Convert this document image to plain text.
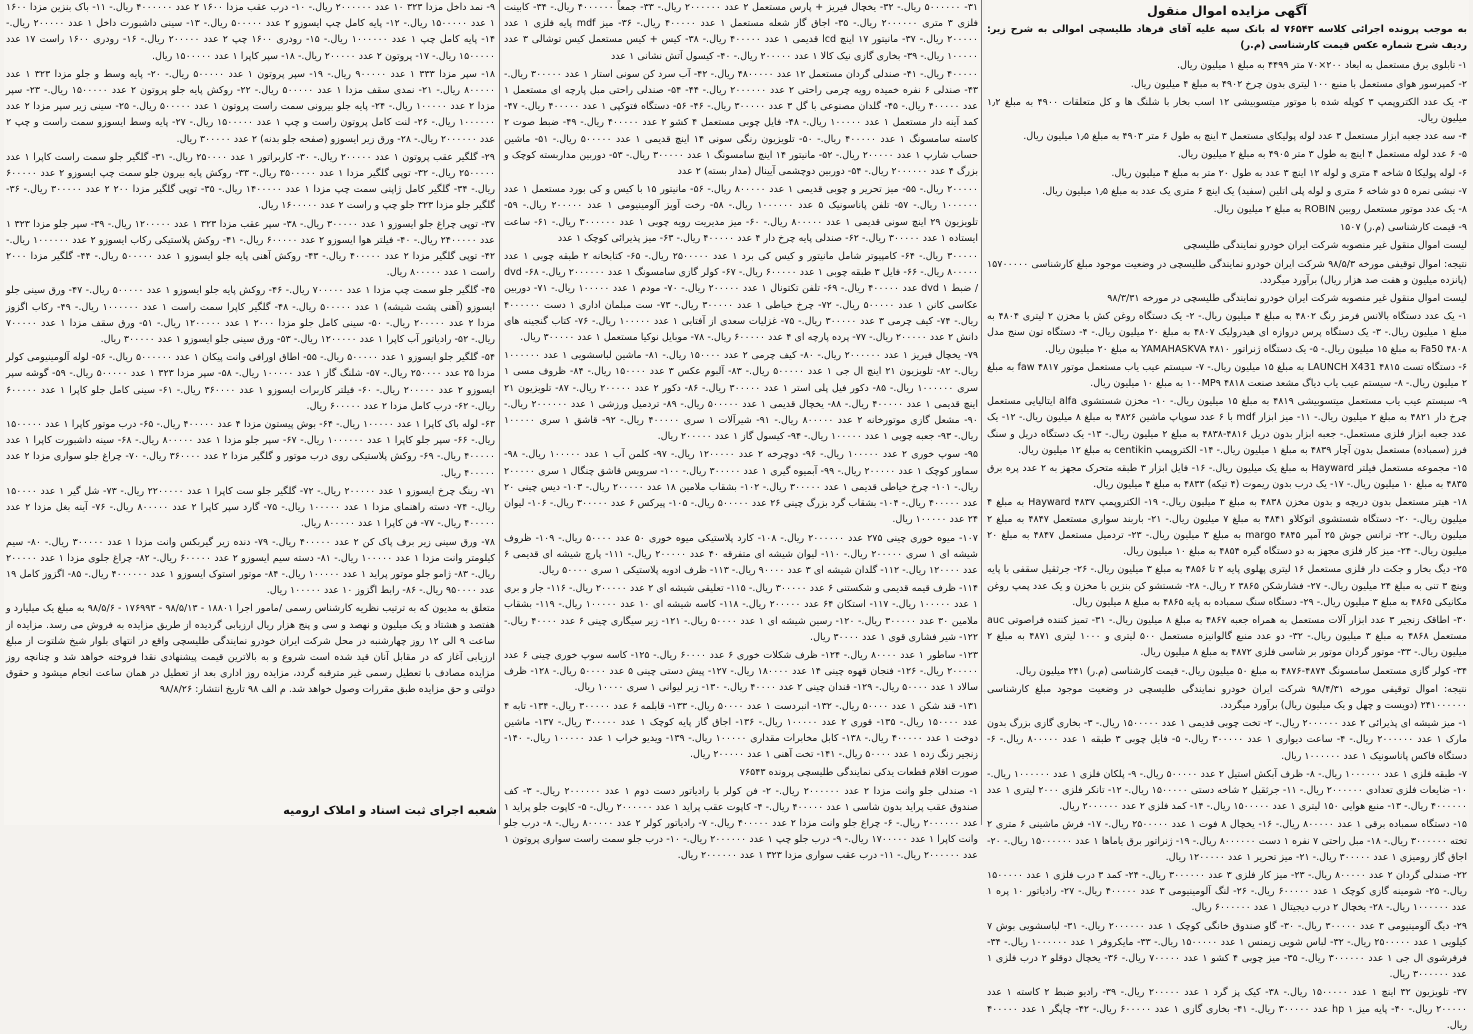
آگهی مزایده اموال منقول
به موجب پرونده اجرائی کلاسه ۷۶۵۴۳ له بانک سپه علیه آقای فرهاد طلیسچی اموالی به شرح زیر: ردیف شرح شماره عکس قیمت کارشناسی (م.ر)
۱- تابلوی برق مستعمل به ابعاد ۲۰۰×۷۰ متر ۴۴۹۹ به مبلغ ۱ میلیون ریال.
۲- کمپرسور هوای مستعمل با منبع ۱۰۰ لیتری بدون چرخ ۴۹۰۲ به مبلغ ۴ میلیون ریال.
۳- یک عدد الکتروپمپ ۳ کوپله شده با موتور میتسوبیشی ۱۲ اسب بخار با شلنگ ها و کل متعلقات ۴۹۰۰ به مبلغ ۱٫۲ میلیون ریال.
۴- سه عدد جعبه ابزار مستعمل ۳ عدد لوله پولیکای مستعمل ۳ اینچ به طول ۶ متر ۴۹۰۳ به مبلغ ۱٫۵ میلیون ریال.
۵- ۶ عدد لوله مستعمل ۴ اینچ به طول ۳ متر ۴۹۰۵ به مبلغ ۲ میلیون ریال.
۶- لوله پولیکا ۵ شاخه ۴ متری و لوله ۱۲ اینچ ۳ عدد به طول ۲۰ متر به مبلغ ۴ میلیون ریال.
۷- نبشی نمره ۵ دو شاخه ۶ متری و لوله پلی اتلین (سفید) یک اینچ ۶ متری یک عدد به مبلغ ۱٫۵ میلیون ریال.
۸- یک عدد موتور مستعمل روبین ROBIN به مبلغ ۲ میلیون ریال.
۹- قیمت کارشناسی (م.ر) ۱۵۰۷
لیست اموال منقول غیر منصوبه شرکت ایران خودرو نمایندگی طلیسچی
نتیجه: اموال توقیفی مورخه ۹۸/۵/۳ شرکت ایران خودرو نمایندگی طلیسچی در وضعیت موجود مبلغ کارشناسی ۱۵۷۰۰۰۰۰ (پانزده میلیون و هفت صد هزار ریال) برآورد میگردد.
لیست اموال منقول غیر منصوبه شرکت ایران خودرو نمایندگی طلیسچی در مورخه ۹۸/۳/۳۱
۱- یک عدد دستگاه بالانس فرمز رنگ ۴۸۰۲ به مبلغ ۴ میلیون ریال.- ۲- یک دستگاه روغن کش با مخزن ۲ لیتری ۴۸۰۴ به مبلغ ۱ میلیون ریال.- ۳- یک دستگاه پرس دروازه ای هیدرولیک ۴۸۰۷ به مبلغ ۲۰ میلیون ریال.- ۴- دستگاه تون سنج مدل ۴۸۰۸ Fa50 به مبلغ ۱۵ میلیون ریال.- ۵- یک دستگاه ژنراتور YAMAHASKVA ۴۸۱۰ به مبلغ ۲۰ میلیون ریال.
۶- دستگاه تست LAUNCH X431 ۴۸۱۵ به مبلغ ۱۵ میلیون ریال.- ۷- سیستم عیب یاب مستعمل موتور faw ۴۸۱۷ به مبلغ ۲ میلیون ریال.- ۸- سیستم عیب یاب دیاگ مشعد صنعت ۴۸۱۸ ۱۰۰MP۹ به مبلغ ۱۰ میلیون ریال.
۹- سیستم عیب یاب مستعمل میتسوبیشی ۴۸۱۹ به مبلغ ۱۵ میلیون ریال.- ۱۰- مخزن شستشوی alfa ایتالیایی مستعمل چرخ دار ۴۸۲۱ به مبلغ ۲ میلیون ریال.- ۱۱- میز ابزار mdf با ۶ عدد سوپاپ ماشین ۴۸۲۶ به مبلغ ۸ میلیون ریال.- ۱۲- یک عدد جعبه ابزار فلزی مستعمل.- جعبه ابزار بدون دریل ۴۸۱۶-۴۸۳۸ به مبلغ ۲ میلیون ریال.- ۱۳- یک دستگاه دریل و سنگ فرز (سمباده) مستعمل بدون آچار ۴۸۳۹ به مبلغ ۱ میلیون ریال.- ۱۴- الکتروپمپ centikin به مبلغ ۱۲ میلیون ریال.
۱۵- مجموعه مستعمل فیلتر Hayward به مبلغ یک میلیون ریال.- ۱۶- فایل ابزار ۳ طبقه متحرک مجهز به ۲ عدد پره برق ۴۸۳۵ به مبلغ ۱۰ میلیون ریال.- ۱۷- یک درب بدون ریموت (۴ تیکه) ۴۸۳۳ به مبلغ ۴ میلیون ریال.
۱۸- هیتر مستعمل بدون دریچه و بدون مخزن ۴۸۳۸ به مبلغ ۳ میلیون ریال.- ۱۹- الکتروپمپ Hayward ۴۸۳۷ به مبلغ ۴ میلیون ریال.- ۲۰- دستگاه شستشوی اتوکلاو ۴۸۴۱ به مبلغ ۷ میلیون ریال.- ۲۱- باربند سواری مستعمل ۴۸۴۷ به مبلغ ۲ میلیون ریال.- ۲۲- ترانس جوش ۲۵ آمپر margo ۴۸۴۵ به مبلغ ۳ میلیون ریال.- ۲۳- تردمیل مستعمل ۴۸۴۷ به مبلغ ۲۰ میلیون ریال.- ۲۴- میز کار فلزی مجهز به دو دستگاه گیره ۴۸۵۴ به مبلغ ۱۰ میلیون ریال.
۲۵- دیگ بخار و جکت دار فلزی مستعمل ۱۶ لیتری پهلوی پایه ۲ تا ۴۸۵۶ به مبلغ ۳ میلیون ریال.- ۲۶- جرثقیل سقفی با پایه وینچ ۳ تنی به مبلغ ۲۴ میلیون ریال.- ۲۷- فشارشکن ۳۸۶۵ ۲ ریال.- ۲۸- شستشو کن بنزین با مخزن و یک عدد پمپ روغن مکانیکی ۴۸۶۵ به مبلغ ۳ میلیون ریال.- ۲۹- دستگاه سنگ سمباده به پایه ۴۸۶۵ به مبلغ ۸ میلیون ریال.
۳۰- اطاقک زنجیر ۳ عدد ابزار آلات مستعمل به همراه جعبه ۴۸۶۷ به مبلغ ۸ میلیون ریال.- ۳۱- تمیز کننده فراصوتی auc مستعمل ۴۸۶۸ به مبلغ ۳ میلیون ریال.- ۳۲- دو عدد منبع گالوانیزه مستعمل ۵۰۰ لیتری و ۱۰۰۰ لیتری ۴۸۷۱ به مبلغ ۲ میلیون ریال.- ۳۳- موتور گردان موتور بر شاسی فلزی ۴۸۷۲ به مبلغ ۸ میلیون ریال.
۳۴- کولر گازی مستعمل سامسونگ ۴۸۷۴-۴۸۷۶ به مبلغ ۵۰ میلیون ریال.- قیمت کارشناسی (م.ر) ۲۴۱ میلیون ریال.
نتیجه: اموال توقیفی مورخه ۹۸/۴/۳۱ شرکت ایران خودرو نمایندگی طلیسچی در وضعیت موجود مبلغ کارشناسی ۲۴۱۰۰۰۰۰۰ (دویست و چهل و یک میلیون ریال) برآورد میگردد.
۱- میز شیشه ای پذیرائی ۲ عدد ۲۰۰۰۰۰۰ ریال.- ۲- تخت چوبی قدیمی ۱ عدد ۱۵۰۰۰۰۰ ریال.- ۳- بخاری گازی بزرگ بدون مارک ۱ عدد ۲۰۰۰۰۰۰ ریال.- ۴- ساعت دیواری ۱ عدد ۳۰۰۰۰۰ ریال.- ۵- فایل چوبی ۳ طبقه ۱ عدد ۸۰۰۰۰۰ ریال.- ۶- دستگاه فاکس پاناسونیک ۱ عدد ۱۰۰۰۰۰۰ ریال.
۷- طبقه فلزی ۱ عدد ۱۰۰۰۰۰۰ ریال.- ۸- ظرف آبکش استیل ۲ عدد ۵۰۰۰۰۰ ریال.- ۹- پلکان فلزی ۱ عدد ۱۰۰۰۰۰۰ ریال.- ۱۰- ضایعات فلزی تعدادی ۲۰۰۰۰۰۰ ریال.- ۱۱- جرثقیل ۲ شاخه دستی ۱۵۰۰۰۰۰ ریال.- ۱۲- تانکر فلزی ۲۰۰۰ لیتری ۱ عدد ۴۰۰۰۰۰۰ ریال.- ۱۳- منبع هوایی ۱۵۰ لیتری ۱ عدد ۱۵۰۰۰۰۰ ریال.- ۱۴- کمد فلزی ۲ عدد ۲۰۰۰۰۰۰ ریال.
۱۵- دستگاه سمباده برقی ۱ عدد ۸۰۰۰۰۰ ریال.- ۱۶- یخچال ۸ فوت ۱ عدد ۲۵۰۰۰۰۰ ریال.- ۱۷- فرش ماشینی ۶ متری ۲ تخته ۳۰۰۰۰۰۰ ریال.- ۱۸- مبل راحتی ۷ نفره ۱ دست ۸۰۰۰۰۰۰ ریال.- ۱۹- ژنراتور برق یاماها ۱ عدد ۱۵۰۰۰۰۰۰ ریال.- ۲۰- اجاق گاز رومیزی ۱ عدد ۳۰۰۰۰۰ ریال.- ۲۱- میز تحریر ۱ عدد ۱۲۰۰۰۰۰ ریال.
۲۲- صندلی گردان ۲ عدد ۸۰۰۰۰۰ ریال.- ۲۳- میز کار فلزی ۳ عدد ۳۰۰۰۰۰۰ ریال.- ۲۴- کمد ۳ درب فلزی ۱ عدد ۱۵۰۰۰۰۰ ریال.- ۲۵- شومینه گازی کوچک ۱ عدد ۶۰۰۰۰۰ ریال.- ۲۶- لنگ آلومینیومی ۳ عدد ۴۰۰۰۰۰ ریال.- ۲۷- رادیاتور ۱۰ پره ۱ عدد ۱۰۰۰۰۰۰ ریال.- ۲۸- یخچال ۲ درب دیجیتال ۱ عدد ۶۰۰۰۰۰۰ ریال.
۲۹- دیگ آلومینیومی ۳ عدد ۳۰۰۰۰۰ ریال.- ۳۰- گاو صندوق خانگی کوچک ۱ عدد ۲۰۰۰۰۰۰ ریال.- ۳۱- لباسشویی بوش ۷ کیلویی ۱ عدد ۲۵۰۰۰۰۰ ریال.- ۳۲- لباس شویی زیمنس ۱ عدد ۱۵۰۰۰۰۰ ریال.- ۳۳- مایکروفر ۱ عدد ۱۰۰۰۰۰۰ ریال.- ۳۴- فرفرشوی ال جی ۱ عدد ۳۰۰۰۰۰۰ ریال.- ۳۵- میز چوبی ۴ کشو ۱ عدد ۷۰۰۰۰۰ ریال.- ۳۶- یخچال دوقلو ۲ درب فلزی ۱ عدد ۳۰۰۰۰۰۰ ریال.
۳۷- تلویزیون ۳۲ اینچ ۱ عدد ۱۵۰۰۰۰۰ ریال.- ۳۸- کیک پز گرد ۱ عدد ۲۰۰۰۰۰ ریال.- ۳۹- رادیو ضبط ۲ کاسته ۱ عدد ۲۰۰۰۰۰ ریال.- ۴۰- پایه میز hp ۱ عدد ۳۰۰۰۰۰ ریال.- ۴۱- بخاری گازی ۱ عدد ۶۰۰۰۰۰ ریال.- ۴۲- چاپگر ۱ عدد ۴۰۰۰۰۰ ریال.
۳۱- ۵۰۰۰۰۰۰ ریال.- ۳۲- یخچال فیریز + پارس مستعمل ۲ عدد ۲۰۰۰۰۰۰ ریال.- ۳۳- جمعاً ۴۰۰۰۰۰۰ ریال.- ۳۴- کابینت فلزی ۳ متری ۲۰۰۰۰۰۰ ریال.- ۳۵- اجاق گاز شعله مستعمل ۱ عدد ۴۰۰۰۰۰ ریال.- ۳۶- میز mdf پایه فلزی ۱ عدد ۲۰۰۰۰۰ ریال.- ۳۷- مانیتور ۱۷ اینچ lcd قدیمی ۱ عدد ۴۰۰۰۰۰ ریال.- ۳۸- کیس + کیس مستعمل کیس توشالی ۳ عدد ۱۰۰۰۰۰ ریال.- ۳۹- بخاری گازی نیک کالا ۱ عدد ۲۰۰۰۰۰ ریال.- ۴۰- کیسول آتش نشانی ۱ عدد
۴۰۰۰۰۰ ریال.- ۴۱- صندلی گردان مستعمل ۱۲ عدد ۴۸۰۰۰۰۰ ریال.- ۴۲- آب سرد کن سونی استار ۱ عدد ۳۰۰۰۰۰ ریال.- ۴۳- صندلی ۶ نفره خمیده رویه چرمی راحتی ۲ عدد ۲۰۰۰۰۰۰ ریال.- ۴۴- ۵۴- صندلی راحتی مبل پارچه ای مستعمل ۱ عدد ۴۰۰۰۰۰ ریال.- ۴۵- گلدان مصنوعی با گل ۳ عدد ۳۰۰۰۰۰ ریال.- ۴۶- ۵۶- دستگاه فتوکپی ۱ عدد ۴۰۰۰۰۰ ریال.- ۴۷- کمد آینه دار مستعمل ۱ عدد ۱۰۰۰۰۰ ریال.- ۴۸- فایل چوبی مستعمل ۴ کشو ۲ عدد ۴۰۰۰۰۰ ریال.- ۴۹- ضبط صوت ۲ کاسته سامسونگ ۱ عدد ۴۰۰۰۰۰ ریال.- ۵۰- تلویزیون رنگی سونی ۱۴ اینچ قدیمی ۱ عدد ۵۰۰۰۰۰ ریال.- ۵۱- ماشین حساب شارپ ۱ عدد ۲۰۰۰۰۰ ریال.- ۵۲- مانیتور ۱۴ اینچ سامسونگ ۱ عدد ۳۰۰۰۰۰ ریال.- ۵۳- دوربین مداربسته کوچک و بزرگ ۴ عدد ۲۰۰۰۰۰۰ ریال.- ۵۴- دوربین دوچشمی آیینال (مدار بسته) ۲ عدد
۲۰۰۰۰۰ ریال.- ۵۵- میز تحریر و چوبی قدیمی ۱ عدد ۸۰۰۰۰۰ ریال.- ۵۶- مانیتور ۱۵ با کیس و کی بورد مستعمل ۱ عدد ۱۰۰۰۰۰۰ ریال.- ۵۷- تلفن پاناسونیک ۵ عدد ۱۰۰۰۰۰۰ ریال.- ۵۸- رخت آویز آلومینیومی ۱ عدد ۲۰۰۰۰۰ ریال.- ۵۹- تلویزیون ۲۹ اینچ سونی قدیمی ۱ عدد ۸۰۰۰۰۰ ریال.- ۶۰- میز مدیریت رویه چوبی ۱ عدد ۳۰۰۰۰۰۰ ریال.- ۶۱- ساعت ایستاده ۱ عدد ۳۰۰۰۰۰ ریال.- ۶۲- صندلی پایه چرخ دار ۴ عدد ۴۰۰۰۰۰ ریال.- ۶۳- میز پذیرائی کوچک ۱ عدد
۳۰۰۰۰۰ ریال.- ۶۴- کامپیوتر شامل مانیتور و کیس کی برد ۱ عدد ۲۵۰۰۰۰۰ ریال.- ۶۵- کتابخانه ۲ طبقه چوبی ۱ عدد ۸۰۰۰۰۰ ریال.- ۶۶- فایل ۳ طبقه چوبی ۱ عدد ۶۰۰۰۰۰ ریال.- ۶۷- کولر گازی سامسونگ ۱ عدد ۲۰۰۰۰۰۰ ریال.- ۶۸- dvd / ضبط dvd ۱ عدد ۴۰۰۰۰۰ ریال.- ۶۹- تلفن تکتونال ۱ عدد ۲۰۰۰۰۰ ریال.- ۷۰- مودم ۱ عدد ۱۰۰۰۰۰ ریال.- ۷۱- دوربین عکاسی کانن ۱ عدد ۵۰۰۰۰۰ ریال.- ۷۲- چرخ خیاطی ۱ عدد ۳۰۰۰۰۰ ریال.- ۷۳- ست مبلمان اداری ۱ دست ۴۰۰۰۰۰۰ ریال.- ۷۴- کیف چرمی ۳ عدد ۳۰۰۰۰۰ ریال.- ۷۵- غزلیات سعدی از آفتابی ۱ عدد ۱۰۰۰۰۰ ریال.- ۷۶- کتاب گنجینه های دانش ۲ عدد ۲۰۰۰۰۰ ریال.- ۷۷- پرده پارچه ای ۴ عدد ۶۰۰۰۰۰ ریال.- ۷۸- موبایل نوکیا مستعمل ۱ عدد ۳۰۰۰۰۰ ریال.
۷۹- یخچال فیریز ۱ عدد ۲۰۰۰۰۰۰ ریال.- ۸۰- کیف چرمی ۲ عدد ۱۵۰۰۰۰ ریال.- ۸۱- ماشین لباسشویی ۱ عدد ۱۰۰۰۰۰۰ ریال.- ۸۲- تلویزیون ۲۱ اینچ ال جی ۱ عدد ۵۰۰۰۰۰ ریال.- ۸۳- آلبوم عکس ۳ عدد ۱۵۰۰۰۰ ریال.- ۸۴- ظروف مسی ۱ سری ۱۰۰۰۰۰۰ ریال.- ۸۵- دکور فیل پلی استر ۱ عدد ۳۰۰۰۰۰ ریال.- ۸۶- دکور ۲ عدد ۲۰۰۰۰۰ ریال.- ۸۷- تلویزیون ۲۱ اینچ قدیمی ۱ عدد ۴۰۰۰۰۰ ریال.- ۸۸- یخچال قدیمی ۱ عدد ۵۰۰۰۰۰ ریال.- ۸۹- تردمیل ورزشی ۱ عدد ۲۰۰۰۰۰۰ ریال.- ۹۰- مشعل گازی موتورخانه ۲ عدد ۸۰۰۰۰۰ ریال.- ۹۱- شیرآلات ۱ سری ۴۰۰۰۰۰ ریال.- ۹۲- قاشق ۱ سری ۱۰۰۰۰۰ ریال.- ۹۳- جعبه چوبی ۱ عدد ۱۰۰۰۰۰ ریال.- ۹۴- کیسول گاز ۱ عدد ۲۰۰۰۰۰ ریال.
۹۵- سوپ خوری ۲ عدد ۱۰۰۰۰۰ ریال.- ۹۶- دوچرخه ۲ عدد ۱۲۰۰۰۰۰ ریال.- ۹۷- کلمن آب ۱ عدد ۱۰۰۰۰۰ ریال.- ۹۸- سماور کوچک ۱ عدد ۲۰۰۰۰۰ ریال.- ۹۹- آبمیوه گیری ۱ عدد ۳۰۰۰۰۰ ریال.- ۱۰۰- سرویس قاشق چنگال ۱ سری ۲۰۰۰۰۰ ریال.- ۱۰۱- چرخ خیاطی قدیمی ۱ عدد ۳۰۰۰۰۰ ریال.- ۱۰۲- بشقاب ملامین ۱۸ عدد ۲۰۰۰۰۰ ریال.- ۱۰۳- دیس چینی ۲۰ عدد ۴۰۰۰۰۰ ریال.- ۱۰۴- بشقاب گرد بزرگ چینی ۲۶ عدد ۵۰۰۰۰۰ ریال.- ۱۰۵- پیرکس ۶ عدد ۳۰۰۰۰۰ ریال.- ۱۰۶- لیوان ۲۴ عدد ۱۰۰۰۰۰ ریال.
۱۰۷- میوه خوری چینی ۲۷۵ عدد ۲۰۰۰۰۰۰ ریال.- ۱۰۸- کارد پلاستیکی میوه خوری ۵۰ عدد ۵۰۰۰۰ ریال.- ۱۰۹- ظروف شیشه ای ۱ سری ۲۰۰۰۰۰ ریال.- ۱۱۰- لیوان شیشه ای متفرقه ۴۰ عدد ۲۰۰۰۰۰ ریال.- ۱۱۱- پارچ شیشه ای قدیمی ۶ عدد ۱۲۰۰۰۰ ریال.- ۱۱۲- گلدان شیشه ای ۳ عدد ۹۰۰۰۰ ریال.- ۱۱۳- ظرف ادویه پلاستیکی ۱ سری ۵۰۰۰۰ ریال.
۱۱۴- ظرف قیمه قدیمی و شکستنی ۶ عدد ۳۰۰۰۰۰ ریال.- ۱۱۵- تعلیقی شیشه ای ۲ عدد ۲۰۰۰۰۰ ریال.- ۱۱۶- جار و بری ۱ عدد ۱۰۰۰۰۰ ریال.- ۱۱۷- استکان ۶۴ عدد ۲۰۰۰۰۰ ریال.- ۱۱۸- کاسه شیشه ای ۱۰ عدد ۱۰۰۰۰۰ ریال.- ۱۱۹- بشقاب ملامین ۳۰ عدد ۳۰۰۰۰۰ ریال.- ۱۲۰- رسین شیشه ای ۱ عدد ۵۰۰۰۰ ریال.- ۱۲۱- زیر سیگاری چینی ۶ عدد ۴۰۰۰۰ ریال.- ۱۲۲- شیر فشاری قوی ۱ عدد ۳۰۰۰۰ ریال.
۱۲۳- ساطور ۱ عدد ۸۰۰۰۰ ریال.- ۱۲۴- ظرف شکلات خوری ۶ عدد ۶۰۰۰۰ ریال.- ۱۲۵- کاسه سوپ خوری چینی ۶ عدد ۲۰۰۰۰۰ ریال.- ۱۲۶- فنجان قهوه چینی ۱۴ عدد ۱۸۰۰۰۰ ریال.- ۱۲۷- پیش دستی چینی ۵ عدد ۵۰۰۰۰ ریال.- ۱۲۸- ظرف سالاد ۱ عدد ۵۰۰۰۰ ریال.- ۱۲۹- قندان چینی ۲ عدد ۴۰۰۰۰ ریال.- ۱۳۰- زیر لیوانی ۱ سری ۱۰۰۰۰ ریال.
۱۳۱- قند شکن ۱ عدد ۵۰۰۰۰ ریال.- ۱۳۲- انبردست ۱ عدد ۵۰۰۰۰ ریال.- ۱۳۳- قابلمه ۶ عدد ۳۰۰۰۰۰ ریال.- ۱۳۴- تابه ۴ عدد ۱۵۰۰۰۰ ریال.- ۱۳۵- قوری ۲ عدد ۱۰۰۰۰۰ ریال.- ۱۳۶- اجاق گاز پایه کوچک ۱ عدد ۳۰۰۰۰۰ ریال.- ۱۳۷- ماشین دوخت ۱ عدد ۴۰۰۰۰۰ ریال.- ۱۳۸- کابل مخابرات مقداری ۱۰۰۰۰۰ ریال.- ۱۳۹- ویدیو خراب ۱ عدد ۱۰۰۰۰۰ ریال.- ۱۴۰- زنجیر زنگ زده ۱ عدد ۵۰۰۰۰ ریال.- ۱۴۱- تخت آهنی ۱ عدد ۲۰۰۰۰۰ ریال.
صورت اقلام قطعات یدکی نمایندگی طلیسچی پرونده ۷۶۵۴۳
۱- صندلی جلو وانت مزدا ۲ عدد ۲۰۰۰۰۰۰ ریال.- ۲- فن کولر با رادیاتور دست دوم ۱ عدد ۲۰۰۰۰۰۰ ریال.- ۳- کف صندوق عقب پراید بدون شاسی ۱ عدد ۴۰۰۰۰۰ ریال.- ۴- کاپوت عقب پراید ۱ عدد ۲۰۰۰۰۰۰ ریال.- ۵- کاپوت جلو پراید ۱ عدد ۲۰۰۰۰۰۰ ریال.- ۶- چراغ جلو وانت مزدا ۲ عدد ۴۰۰۰۰۰ ریال.- ۷- رادیاتور کولر ۲ عدد ۸۰۰۰۰۰ ریال.- ۸- درب جلو وانت کاپرا ۱ عدد ۱۷۰۰۰۰۰ ریال.- ۹- درب جلو چپ ۱ عدد ۲۰۰۰۰۰۰ ریال.- ۱۰- درب جلو سمت راست سواری پروتون ۱ عدد ۲۰۰۰۰۰۰ ریال.- ۱۱- درب عقب سواری مزدا ۳۲۳ ۱ عدد ۲۰۰۰۰۰۰ ریال.
۹- نمد داخل مزدا ۳۲۳ ۱۰ عدد ۲۰۰۰۰۰۰ ریال.- ۱۰- درب عقب مزدا ۱۶۰۰ ۲ عدد ۴۰۰۰۰۰۰ ریال.- ۱۱- باک بنزین مزدا ۱۶۰۰ ۱ عدد ۱۵۰۰۰۰۰ ریال.- ۱۲- پایه کامل چپ ایسوزو ۲ عدد ۵۰۰۰۰۰ ریال.- ۱۳- سینی داشبورت داخل ۱ عدد ۲۰۰۰۰۰ ریال.- ۱۴- پایه کامل چپ ۱ عدد ۱۰۰۰۰۰۰ ریال.- ۱۵- رودری ۱۶۰۰ چپ ۲ عدد ۲۰۰۰۰۰ ریال.- ۱۶- رودری ۱۶۰۰ راست ۱۷ عدد ۱۵۰۰۰۰۰ ریال.- ۱۷- پروتون ۲ عدد ۲۰۰۰۰۰ ریال.- ۱۸- سپر کاپرا ۱ عدد ۱۵۰۰۰۰۰ ریال.
۱۸- سپر مزدا ۳۳۳ ۱ عدد ۹۰۰۰۰۰ ریال.- ۱۹- سپر پروتون ۱ عدد ۵۰۰۰۰۰ ریال.- ۲۰- پایه وسط و جلو مزدا ۳۲۳ ۱ عدد ۸۰۰۰۰۰ ریال.- ۲۱- نمدی سقف مزدا ۱ عدد ۵۰۰۰۰۰ ریال.- ۲۲- روکش پایه جلو پروتون ۲ عدد ۱۵۰۰۰۰۰ ریال.- ۲۳- سپر مزدا ۲ عدد ۱۰۰۰۰۰ ریال.- ۲۴- پایه جلو بیرونی سمت راست پروتون ۱ عدد ۵۰۰۰۰۰ ریال.- ۲۵- سینی زیر سپر مزدا ۲ عدد ۱۰۰۰۰۰۰ ریال.- ۲۶- لنت کامل پروتون راست و چپ ۱ عدد ۱۵۰۰۰۰۰ ریال.- ۲۷- پایه وسط ایسوزو سمت راست و چپ ۲ عدد ۲۰۰۰۰۰۰ ریال.- ۲۸- ورق زیر ایسوزو (صفحه جلو بدنه) ۲ عدد ۳۰۰۰۰۰ ریال.
۲۹- گلگیر عقب پروتون ۱ عدد ۲۰۰۰۰۰ ریال.- ۳۰- کاربراتور ۱ عدد ۲۵۰۰۰۰ ریال.- ۳۱- گلگیر جلو سمت راست کاپرا ۱ عدد ۲۵۰۰۰۰۰ ریال.- ۳۲- توپی گلگیر مزدا ۱ عدد ۳۵۰۰۰۰۰ ریال.- ۳۳- روکش پایه بیرون جلو سمت چپ ایسوزو ۲ عدد ۶۰۰۰۰۰ ریال.- ۳۴- گلگیر کامل ژاپنی سمت چپ مزدا ۱ عدد ۱۴۰۰۰۰۰ ریال.- ۳۵- توپی گلگیر مزدا ۲۰۰ ۲ عدد ۳۰۰۰۰۰ ریال.- ۳۶- گلگیر جلو مزدا ۳۲۳ جلو چپ و راست ۲ عدد ۱۶۰۰۰۰۰ ریال.
۳۷- توپی چراغ جلو ایسوزو ۱ عدد ۳۰۰۰۰۰ ریال.- ۳۸- سپر عقب مزدا ۳۲۳ ۱ عدد ۱۲۰۰۰۰۰ ریال.- ۳۹- سپر جلو مزدا ۳۲۳ ۱ عدد ۲۴۰۰۰۰۰ ریال.- ۴۰- فیلتر هوا ایسوزو ۲ عدد ۶۰۰۰۰۰ ریال.- ۴۱- روکش پلاستیکی رکاب ایسوزو ۲ عدد ۱۰۰۰۰۰۰ ریال.- ۴۲- توپی گلگیر مزدا ۲ عدد ۴۰۰۰۰۰ ریال.- ۴۳- روکش آهنی پایه جلو ایسوزو ۱ عدد ۵۰۰۰۰۰ ریال.- ۴۴- گلگیر مزدا ۲۰۰۰ راست ۱ عدد ۸۰۰۰۰۰ ریال.
۴۵- گلگیر جلو سمت چپ مزدا ۱ عدد ۷۰۰۰۰۰ ریال.- ۴۶- روکش پایه جلو ایسوزو ۱ عدد ۵۰۰۰۰۰ ریال.- ۴۷- ورق سینی جلو ایسوزو (آهنی پشت شیشه) ۱ عدد ۵۰۰۰۰۰ ریال.- ۴۸- گلگیر کاپرا سمت راست ۱ عدد ۱۰۰۰۰۰۰ ریال.- ۴۹- رکاب اگزوز مزدا ۲ عدد ۲۰۰۰۰۰ ریال.- ۵۰- سینی کامل جلو مزدا ۲۰۰۰ ۱ عدد ۱۲۰۰۰۰۰ ریال.- ۵۱- ورق سقف مزدا ۱ عدد ۷۰۰۰۰۰ ریال.- ۵۲- رادیاتور آب کاپرا ۱ عدد ۱۲۰۰۰۰۰ ریال.- ۵۳- ورق سینی جلو ایسوزو ۱ عدد ۳۰۰۰۰۰ ریال.
۵۴- گلگیر جلو ایسوزو ۱ عدد ۵۰۰۰۰۰ ریال.- ۵۵- اطاق اورافی وانت پیکان ۱ عدد ۵۰۰۰۰۰۰ ریال.- ۵۶- لوله آلومینیومی کولر مزدا ۲۵ عدد ۲۵۰۰۰۰ ریال.- ۵۷- شلنگ گاز ۱ عدد ۱۰۰۰۰۰ ریال.- ۵۸- سپر مزدا ۳۲۳ ۱ عدد ۵۰۰۰۰۰ ریال.- ۵۹- گوشه سپر ایسوزو ۲ عدد ۲۰۰۰۰۰ ریال.- ۶۰- فیلتر کاربرات ایسوزو ۱ عدد ۳۶۰۰۰۰ ریال.- ۶۱- سینی کامل جلو کاپرا ۱ عدد ۶۰۰۰۰۰ ریال.- ۶۲- درب کامل مزدا ۲ عدد ۶۰۰۰۰۰ ریال.
۶۳- لوله باک کاپرا ۱ عدد ۱۰۰۰۰۰ ریال.- ۶۴- بوش پیستون مزدا ۴ عدد ۴۰۰۰۰۰ ریال.- ۶۵- درب موتور کاپرا ۱ عدد ۱۵۰۰۰۰۰ ریال.- ۶۶- سپر جلو کاپرا ۱ عدد ۱۰۰۰۰۰۰ ریال.- ۶۷- سپر جلو مزدا ۱ عدد ۸۰۰۰۰۰ ریال.- ۶۸- سینه داشبورت کاپرا ۱ عدد ۴۰۰۰۰۰ ریال.- ۶۹- روکش پلاستیکی روی درب موتور و گلگیر مزدا ۲ عدد ۳۶۰۰۰۰ ریال.- ۷۰- چراغ جلو سواری مزدا ۲ عدد ۴۰۰۰۰۰ ریال.
۷۱- رینگ چرخ ایسوزو ۱ عدد ۲۰۰۰۰۰ ریال.- ۷۲- گلگیر جلو ست کاپرا ۱ عدد ۲۲۰۰۰۰۰ ریال.- ۷۳- شل گیر ۱ عدد ۱۵۰۰۰۰ ریال.- ۷۴- دسته راهنمای مزدا ۱ عدد ۱۰۰۰۰۰ ریال.- ۷۵- گارد سپر کاپرا ۲ عدد ۸۰۰۰۰۰ ریال.- ۷۶- آینه بغل مزدا ۲ عدد ۴۰۰۰۰۰ ریال.- ۷۷- فن کاپرا ۱ عدد ۸۰۰۰۰۰ ریال.
۷۸- ورق سینی زیر برف پاک کن ۲ عدد ۴۰۰۰۰۰ ریال.- ۷۹- دنده زیر گیربکس وانت مزدا ۱ عدد ۳۰۰۰۰۰ ریال.- ۸۰- سیم کیلومتر وانت مزدا ۱ عدد ۱۰۰۰۰۰ ریال.- ۸۱- دسته سیم ایسوزو ۲ عدد ۶۰۰۰۰۰ ریال.- ۸۲- چراغ جلوی مزدا ۱ عدد ۲۰۰۰۰۰ ریال.- ۸۳- ژامو جلو موتور پراید ۱ عدد ۱۰۰۰۰۰ ریال.- ۸۴- موتور استوک ایسوزو ۱ عدد ۴۰۰۰۰۰۰ ریال.- ۸۵- اگزوز کامل ۱۹ عدد ۹۵۰۰۰۰ ریال.- ۸۶- رابط اگزوز ۱۰ عدد ۱۰۰۰۰۰ ریال.
متعلق به مدیون که به ترتیب نظریه کارشناس رسمی /مامور اجرا ۱۸۸۰۱ - ۹۸/۵/۱۳ - ۱۷۶۹۹۳ - ۹۸/۵/۶ به مبلغ یک میلیارد و هفتصد و هشتاد و یک میلیون و نهصد و سی و پنج هزار ریال ارزیابی گردیده از طریق مزایده به فروش می رسد. مزایده از ساعت ۹ الی ۱۲ روز چهارشنبه در محل شرکت ایران خودرو نمایندگی طلیسچی واقع در انتهای بلوار شیخ شلتوت از مبلغ ارزیابی آغاز که در مقابل آنان قید شده است شروع و به بالاترین قیمت پیشنهادی نقدا فروخته خواهد شد و چنانچه روز مزایده مصادف با تعطیل رسمی غیر مترقبه گردد، مزایده روز اداری بعد از تعطیل در همان ساعت انجام میشود و حقوق دولتی و حق مزایده طبق مقررات وصول خواهد شد. م الف ۹۸ تاریخ انتشار: ۹۸/۸/۲۶
شعبه اجرای ثبت اسناد و املاک ارومیه
